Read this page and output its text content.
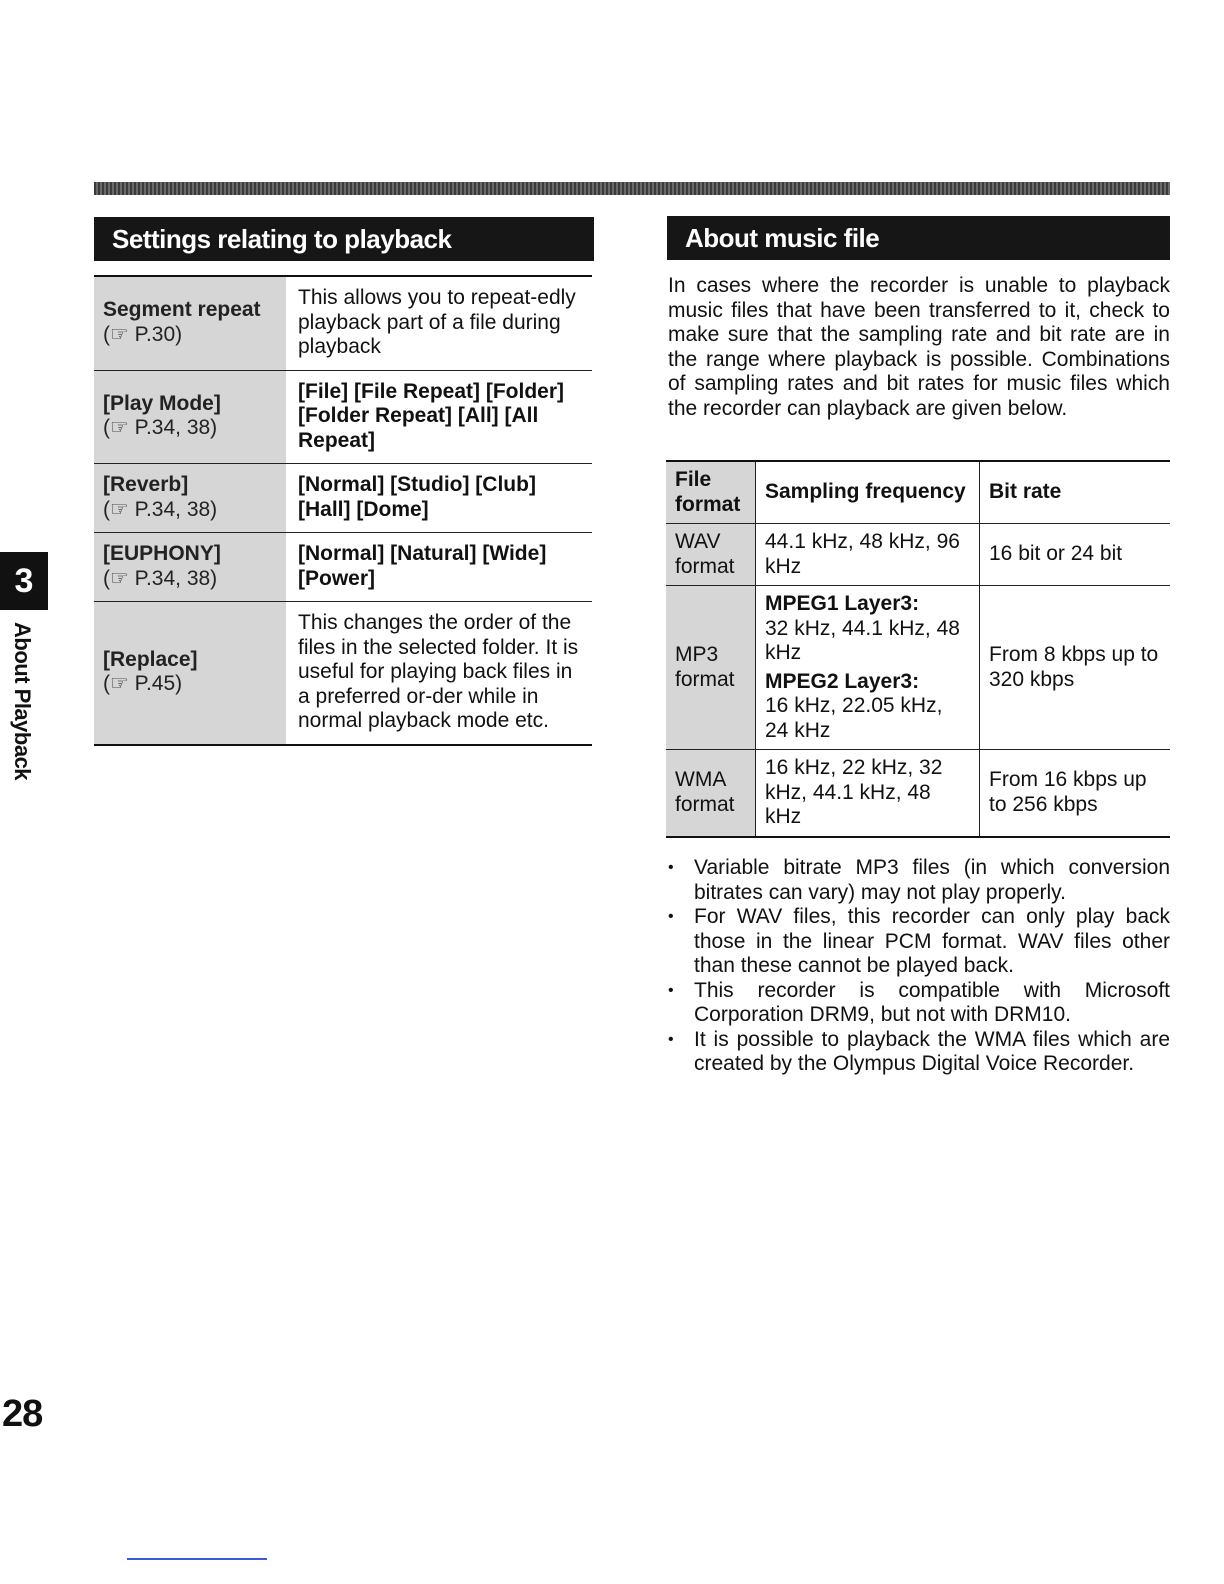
Settings relating to playback
Segment repeat
(☞ P.30)	This allows you to repeat-edly playback part of a file during playback
[Play Mode]
(☞ P.34, 38)	[File] [File Repeat] [Folder] [Folder Repeat] [All] [All Repeat]
[Reverb]
(☞ P.34, 38)	[Normal] [Studio] [Club] [Hall] [Dome]
[EUPHONY]
(☞ P.34, 38)	[Normal] [Natural] [Wide] [Power]
[Replace]
(☞ P.45)	This changes the order of the files in the selected folder. It is useful for playing back files in a preferred or-der while in normal playback mode etc.
About music file

In cases where the recorder is unable to playback music files that have been transferred to it, check to make sure that the sampling rate and bit rate are in the range where playback is possible. Combinations of sampling rates and bit rates for music files which the recorder can playback are given below.

File format	Sampling frequency	Bit rate
WAV format	44.1 kHz, 48 kHz, 96 kHz	16 bit or 24 bit
MP3 format	MPEG1 Layer3:
32 kHz, 44.1 kHz, 48 kHz
MPEG2 Layer3:
16 kHz, 22.05 kHz, 24 kHz	From 8 kbps up to 320 kbps
WMA format	16 kHz, 22 kHz, 32 kHz, 44.1 kHz, 48 kHz	From 16 kbps up to 256 kbps
• Variable bitrate MP3 files (in which conversion bitrates can vary) may not play properly.
• For WAV files, this recorder can only play back those in the linear PCM format. WAV files other than these cannot be played back.
• This recorder is compatible with Microsoft Corporation DRM9, but not with DRM10.
• It is possible to playback the WMA files which are created by the Olympus Digital Voice Recorder.
3
About Playback
28
